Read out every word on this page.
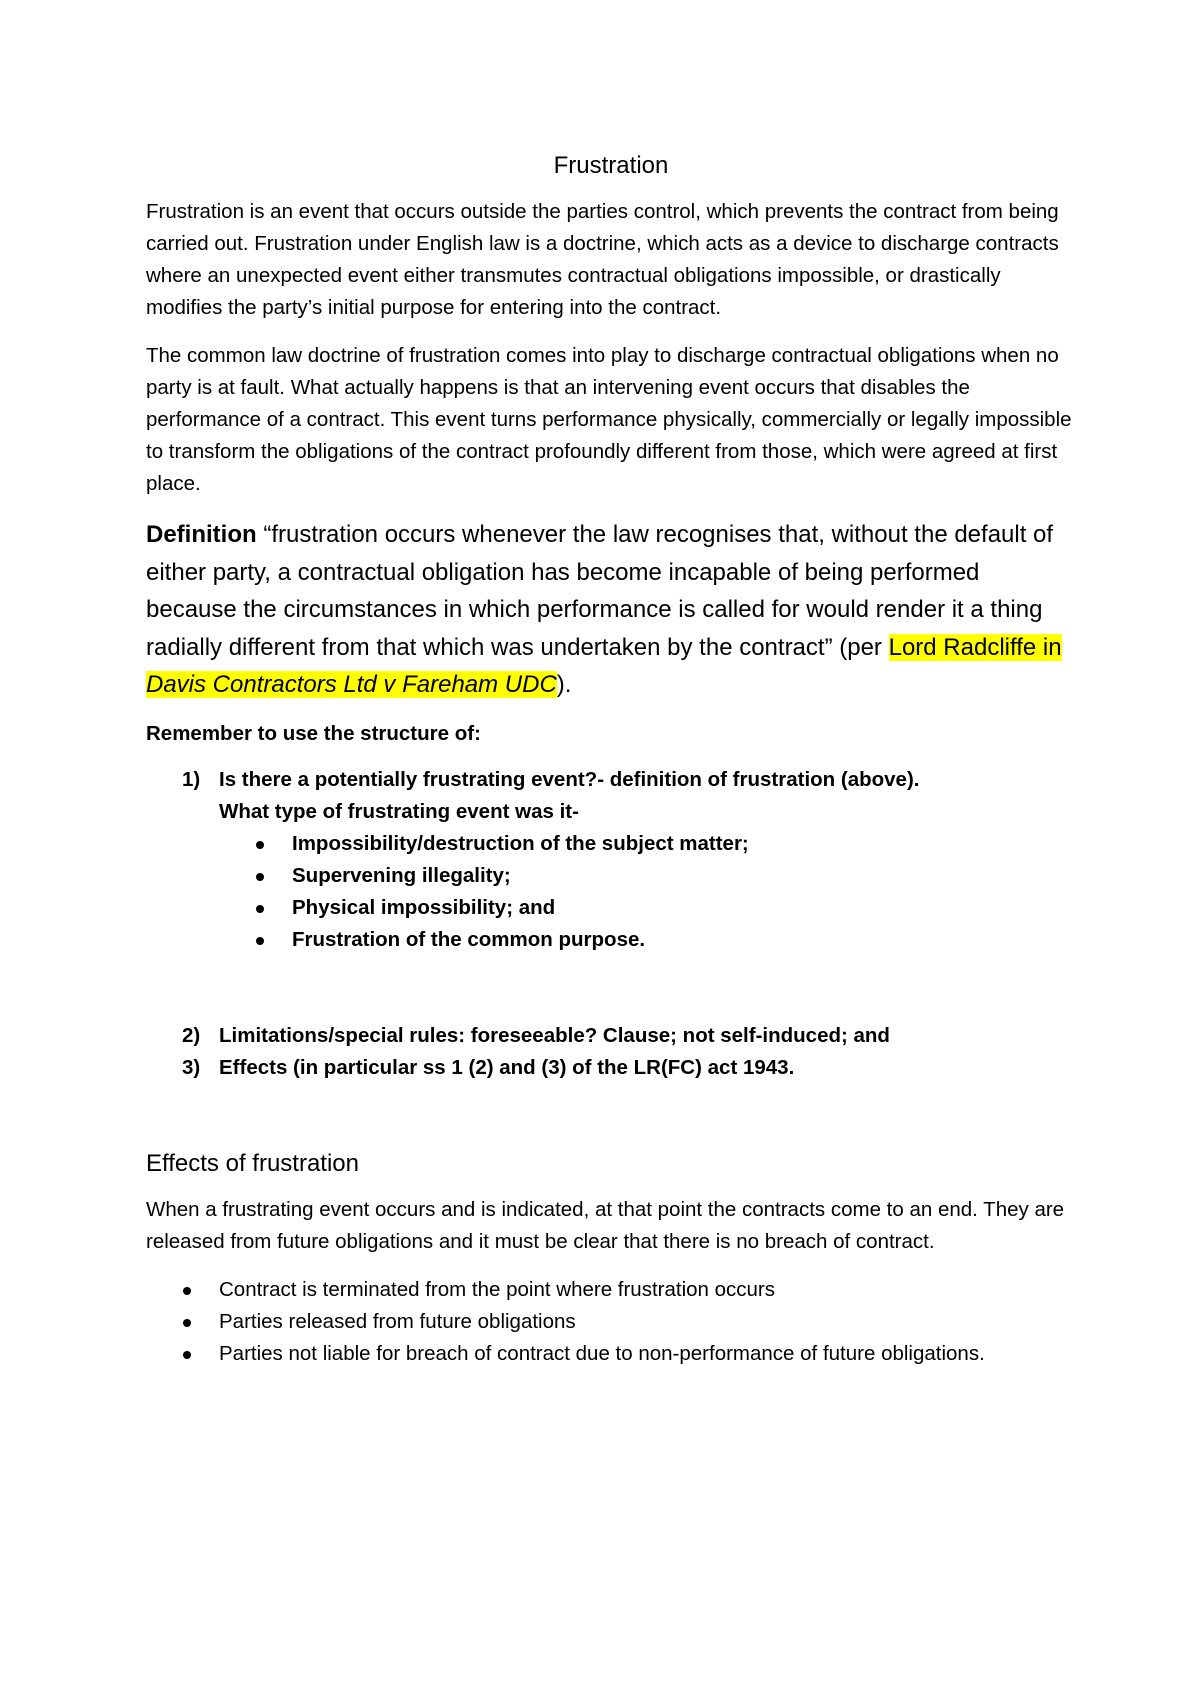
Frustration

Frustration is an event that occurs outside the parties control, which prevents the contract from being carried out. Frustration under English law is a doctrine, which acts as a device to discharge contracts where an unexpected event either transmutes contractual obligations impossible, or drastically modifies the party’s initial purpose for entering into the contract.

The common law doctrine of frustration comes into play to discharge contractual obligations when no party is at fault. What actually happens is that an intervening event occurs that disables the performance of a contract. This event turns performance physically, commercially or legally impossible to transform the obligations of the contract profoundly different from those, which were agreed at first place.

Definition “frustration occurs whenever the law recognises that, without the default of either party, a contractual obligation has become incapable of being performed because the circumstances in which performance is called for would render it a thing radially different from that which was undertaken by the contract” (per Lord Radcliffe in Davis Contractors Ltd v Fareham UDC).

Remember to use the structure of:
1) Is there a potentially frustrating event?- definition of frustration (above).
What type of frustrating event was it-
Impossibility/destruction of the subject matter;
Supervening illegality;
Physical impossibility; and
Frustration of the common purpose.
2) Limitations/special rules: foreseeable? Clause; not self-induced; and
3) Effects (in particular ss 1 (2) and (3) of the LR(FC) act 1943.
Effects of frustration

When a frustrating event occurs and is indicated, at that point the contracts come to an end. They are released from future obligations and it must be clear that there is no breach of contract.

Contract is terminated from the point where frustration occurs
Parties released from future obligations
Parties not liable for breach of contract due to non-performance of future obligations.
